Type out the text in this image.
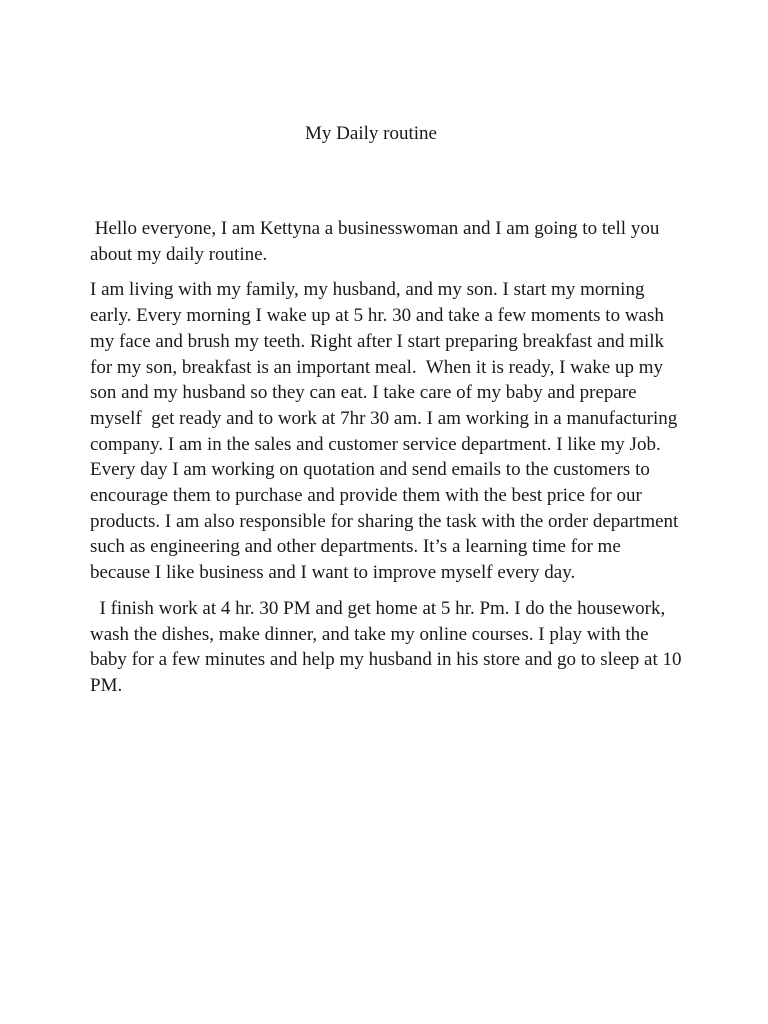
My Daily routine

Hello everyone, I am Kettyna a businesswoman and I am going to tell you about my daily routine.

I am living with my family, my husband, and my son. I start my morning early. Every morning I wake up at 5 hr. 30 and take a few moments to wash my face and brush my teeth. Right after I start preparing breakfast and milk for my son, breakfast is an important meal.  When it is ready, I wake up my son and my husband so they can eat. I take care of my baby and prepare myself  get ready and to work at 7hr 30 am. I am working in a manufacturing company. I am in the sales and customer service department. I like my Job. Every day I am working on quotation and send emails to the customers to encourage them to purchase and provide them with the best price for our products. I am also responsible for sharing the task with the order department such as engineering and other departments. It’s a learning time for me because I like business and I want to improve myself every day.

I finish work at 4 hr. 30 PM and get home at 5 hr. Pm. I do the housework, wash the dishes, make dinner, and take my online courses. I play with the baby for a few minutes and help my husband in his store and go to sleep at 10 PM.
